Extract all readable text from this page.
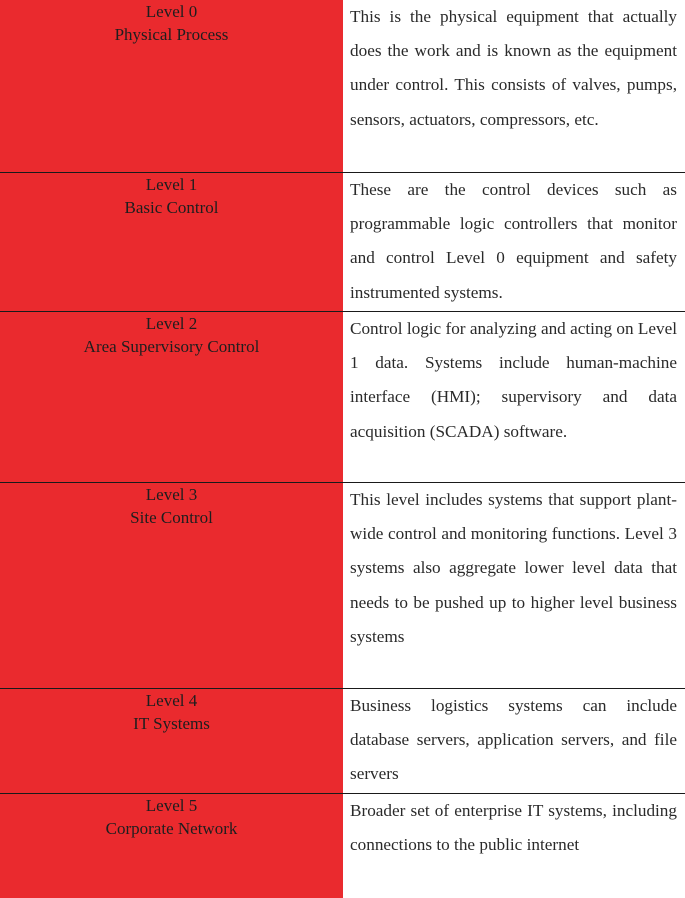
Level 0
Physical Process
This is the physical equipment that actually does the work and is known as the equipment under control. This consists of valves, pumps, sensors, actuators, compressors, etc.
Level 1
Basic Control
These are the control devices such as programmable logic controllers that monitor and control Level 0 equipment and safety instrumented systems.
Level 2
Area Supervisory Control
Control logic for analyzing and acting on Level 1 data. Systems include human-machine interface (HMI); supervisory and data acquisition (SCADA) software.
Level 3
Site Control
This level includes systems that support plant-wide control and monitoring functions. Level 3 systems also aggregate lower level data that needs to be pushed up to higher level business systems
Level 4
IT Systems
Business logistics systems can include database servers, application servers, and file servers
Level 5
Corporate Network
Broader set of enterprise IT systems, including connections to the public internet
